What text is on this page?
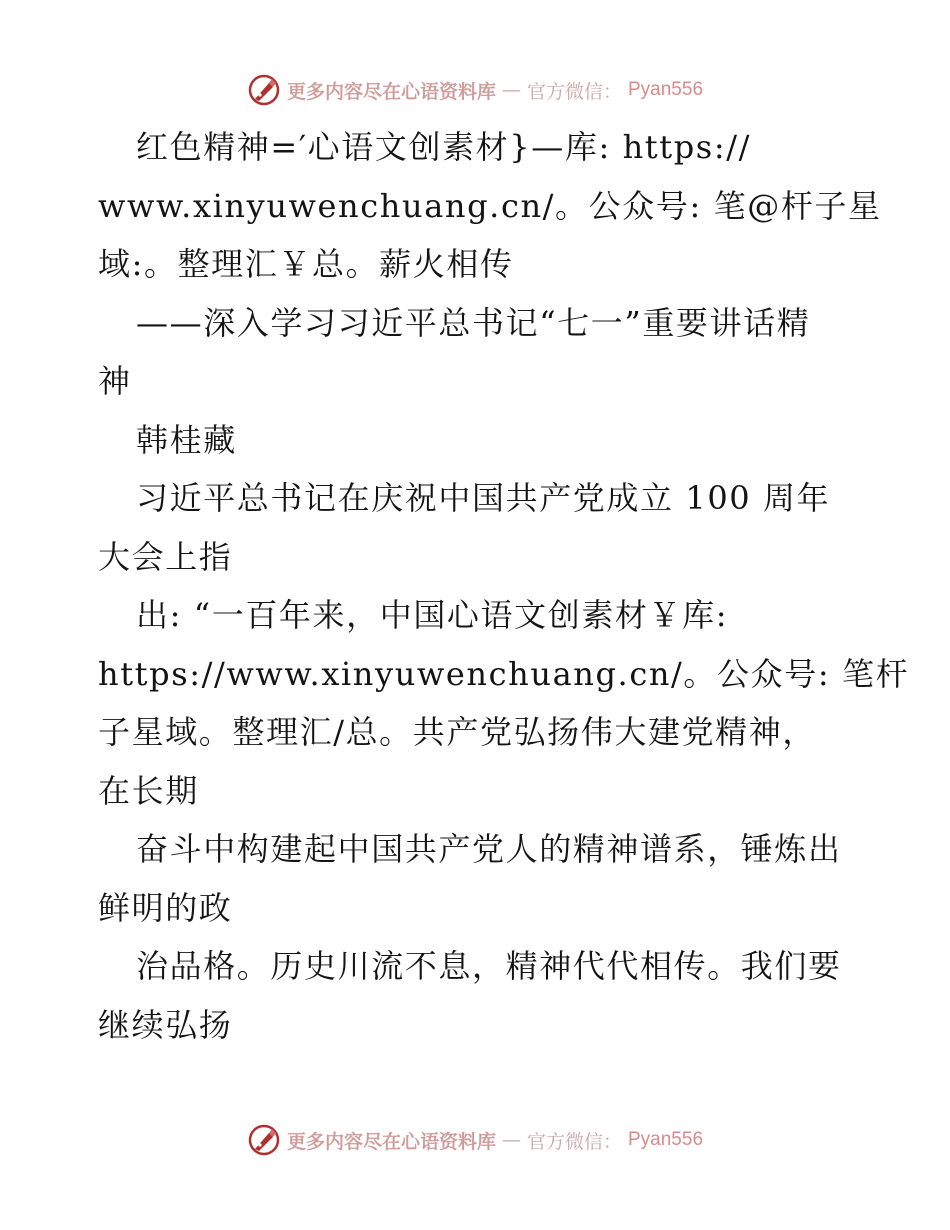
更多内容尽在心语资料库 — 官方微信： Pyan556
红色精神=′心语文创素材}—库: https://
www.xinyuwenchuang.cn/。公众号: 笔@杆子星
域:。整理汇￥总。薪火相传
——深入学习习近平总书记“七一”重要讲话精
神
韩桂藏
习近平总书记在庆祝中国共产党成立 100 周年
大会上指
出: “一百年来，中国心语文创素材￥库:
https://www.xinyuwenchuang.cn/。公众号: 笔杆
子星域。整理汇/总。共产党弘扬伟大建党精神，
在长期
奋斗中构建起中国共产党人的精神谱系，锤炼出
鲜明的政
治品格。历史川流不息，精神代代相传。我们要
继续弘扬
更多内容尽在心语资料库 — 官方微信： Pyan556
